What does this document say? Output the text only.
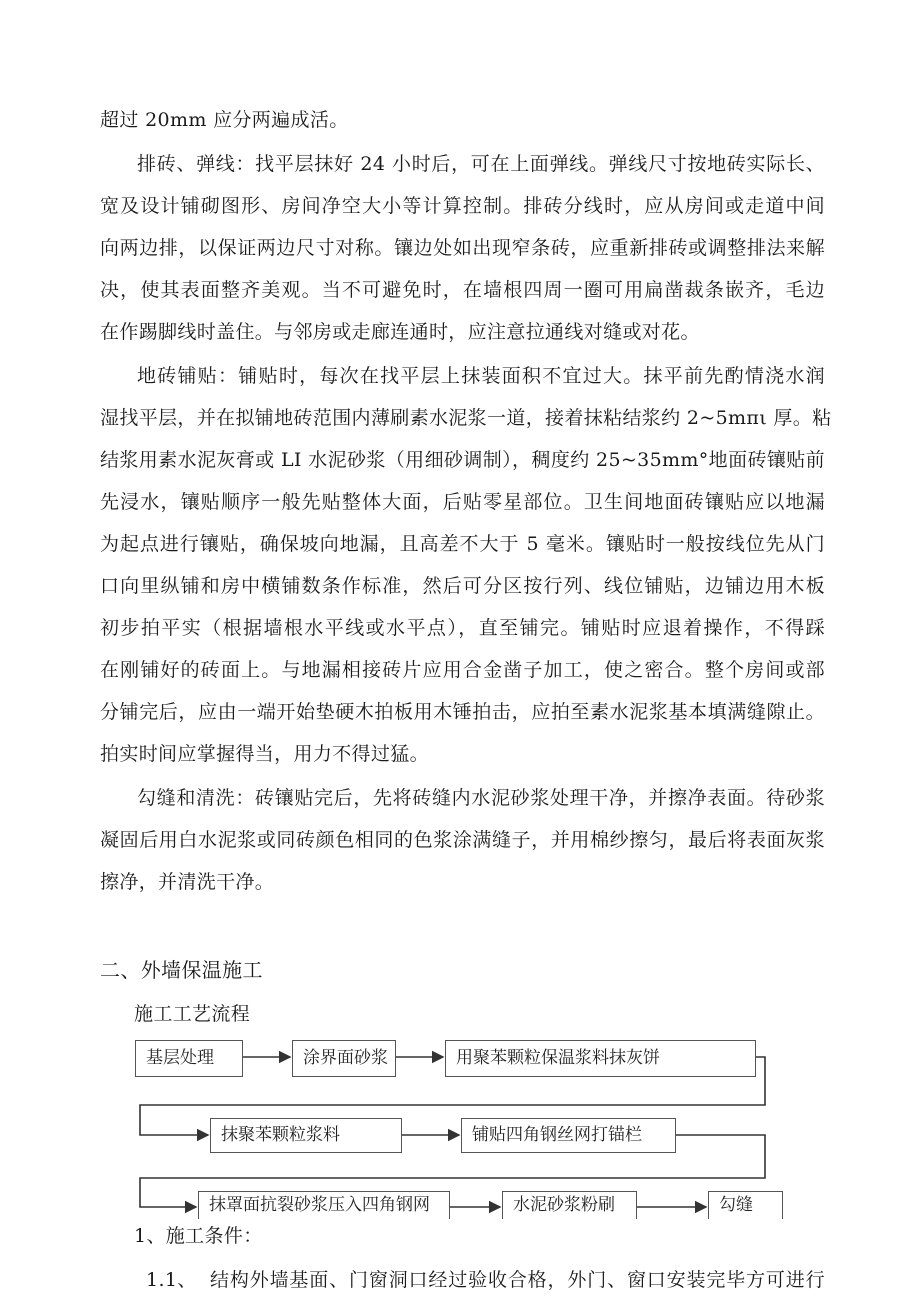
超过 20mm 应分两遍成活。
排砖、弹线：找平层抹好 24 小时后，可在上面弹线。弹线尺寸按地砖实际长、
宽及设计铺砌图形、房间净空大小等计算控制。排砖分线时，应从房间或走道中间
向两边排，以保证两边尺寸对称。镶边处如出现窄条砖，应重新排砖或调整排法来解
决，使其表面整齐美观。当不可避免时，在墙根四周一圈可用扁凿裁条嵌齐，毛边
在作踢脚线时盖住。与邻房或走廊连通时，应注意拉通线对缝或对花。
地砖铺贴：铺贴时，每次在找平层上抹装面积不宜过大。抹平前先酌情浇水润
湿找平层，并在拟铺地砖范围内薄刷素水泥浆一道，接着抹粘结浆约 2~5mπι 厚。粘
结浆用素水泥灰膏或 LI 水泥砂浆（用细砂调制），稠度约 25~35mm°地面砖镶贴前
先浸水，镶贴顺序一般先贴整体大面，后贴零星部位。卫生间地面砖镶贴应以地漏
为起点进行镶贴，确保坡向地漏，且高差不大于 5 毫米。镶贴时一般按线位先从门
口向里纵铺和房中横铺数条作标准，然后可分区按行列、线位铺贴，边铺边用木板
初步拍平实（根据墙根水平线或水平点），直至铺完。铺贴时应退着操作，不得踩
在刚铺好的砖面上。与地漏相接砖片应用合金凿子加工，使之密合。整个房间或部
分铺完后，应由一端开始垫硬木拍板用木锤拍击，应拍至素水泥浆基本填满缝隙止。
拍实时间应掌握得当，用力不得过猛。
勾缝和清洗：砖镶贴完后，先将砖缝内水泥砂浆处理干净，并擦净表面。待砂浆
凝固后用白水泥浆或同砖颜色相同的色浆涂满缝子，并用棉纱擦匀，最后将表面灰浆
擦净，并清洗干净。
二、外墙保温施工
施工工艺流程
基层处理	涂界面砂浆	用聚苯颗粒保温浆料抹灰饼
抹聚苯颗粒浆料	铺贴四角钢丝网打锚栏
抹罩面抗裂砂浆压入四角钢网	水泥砂浆粉刷	勾缝
1、施工条件：
1.1、 结构外墙基面、门窗洞口经过验收合格，外门、窗口安装完毕方可进行
